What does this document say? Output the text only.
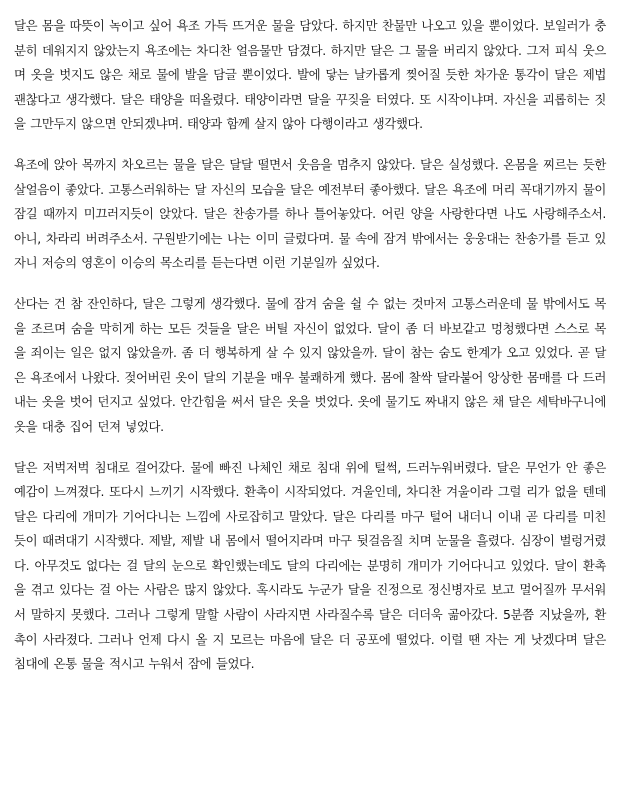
달은 몸을 따뜻이 녹이고 싶어 욕조 가득 뜨거운 물을 담았다. 하지만 찬물만 나오고 있을 뿐이었다. 보일러가 충분히 데워지지 않았는지 욕조에는 차디찬 얼음물만 담겼다. 하지만 달은 그 물을 버리지 않았다. 그저 피식 웃으며 옷을 벗지도 않은 채로 물에 발을 담글 뿐이었다. 발에 닿는 날카롭게 찢어질 듯한 차가운 통각이 달은 제법 괜찮다고 생각했다. 달은 태양을 떠올렸다. 태양이라면 달을 꾸짖을 터였다. 또 시작이냐며. 자신을 괴롭히는 짓을 그만두지 않으면 안되겠냐며. 태양과 함께 살지 않아 다행이라고 생각했다.

욕조에 앉아 목까지 차오르는 물을 달은 달달 떨면서 웃음을 멈추지 않았다. 달은 실성했다. 온몸을 찌르는 듯한 살얼음이 좋았다. 고통스러워하는 달 자신의 모습을 달은 예전부터 좋아했다. 달은 욕조에 머리 꼭대기까지 물이 잠길 때까지 미끄러지듯이 앉았다. 달은 찬송가를 하나 틀어놓았다. 어린 양을 사랑한다면 나도 사랑해주소서. 아니, 차라리 버려주소서. 구원받기에는 나는 이미 글렀다며. 물 속에 잠겨 밖에서는 웅웅대는 찬송가를 듣고 있자니 저승의 영혼이 이승의 목소리를 듣는다면 이런 기분일까 싶었다.

산다는 건 참 잔인하다, 달은 그렇게 생각했다. 물에 잠겨 숨을 쉴 수 없는 것마저 고통스러운데 물 밖에서도 목을 조르며 숨을 막히게 하는 모든 것들을 달은 버틸 자신이 없었다. 달이 좀 더 바보같고 멍청했다면 스스로 목을 죄이는 일은 없지 않았을까. 좀 더 행복하게 살 수 있지 않았을까. 달이 참는 숨도 한계가 오고 있었다. 곧 달은 욕조에서 나왔다. 젖어버린 옷이 달의 기분을 매우 불쾌하게 했다. 몸에 찰싹 달라붙어 앙상한 몸매를 다 드러내는 옷을 벗어 던지고 싶었다. 안간힘을 써서 달은 옷을 벗었다. 옷에 물기도 짜내지 않은 채 달은 세탁바구니에 옷을 대충 집어 던져 넣었다.

달은 저벅저벅 침대로 걸어갔다. 물에 빠진 나체인 채로 침대 위에 털썩, 드러누워버렸다. 달은 무언가 안 좋은 예감이 느껴졌다. 또다시 느끼기 시작했다. 환촉이 시작되었다. 겨울인데, 차디찬 겨울이라 그럴 리가 없을 텐데 달은 다리에 개미가 기어다니는 느낌에 사로잡히고 말았다. 달은 다리를 마구 털어 내더니 이내 곧 다리를 미친듯이 때려대기 시작했다. 제발, 제발 내 몸에서 떨어지라며 마구 뒷걸음질 치며 눈물을 흘렸다. 심장이 벌렁거렸다. 아무것도 없다는 걸 달의 눈으로 확인했는데도 달의 다리에는 분명히 개미가 기어다니고 있었다. 달이 환촉을 겪고 있다는 걸 아는 사람은 많지 않았다. 혹시라도 누군가 달을 진정으로 정신병자로 보고 멀어질까 무서워서 말하지 못했다. 그러나 그렇게 말할 사람이 사라지면 사라질수록 달은 더더욱 곪아갔다. 5분쯤 지났을까, 환촉이 사라졌다. 그러나 언제 다시 올 지 모르는 마음에 달은 더 공포에 떨었다. 이럴 땐 자는 게 낫겠다며 달은 침대에 온통 물을 적시고 누워서 잠에 들었다.
